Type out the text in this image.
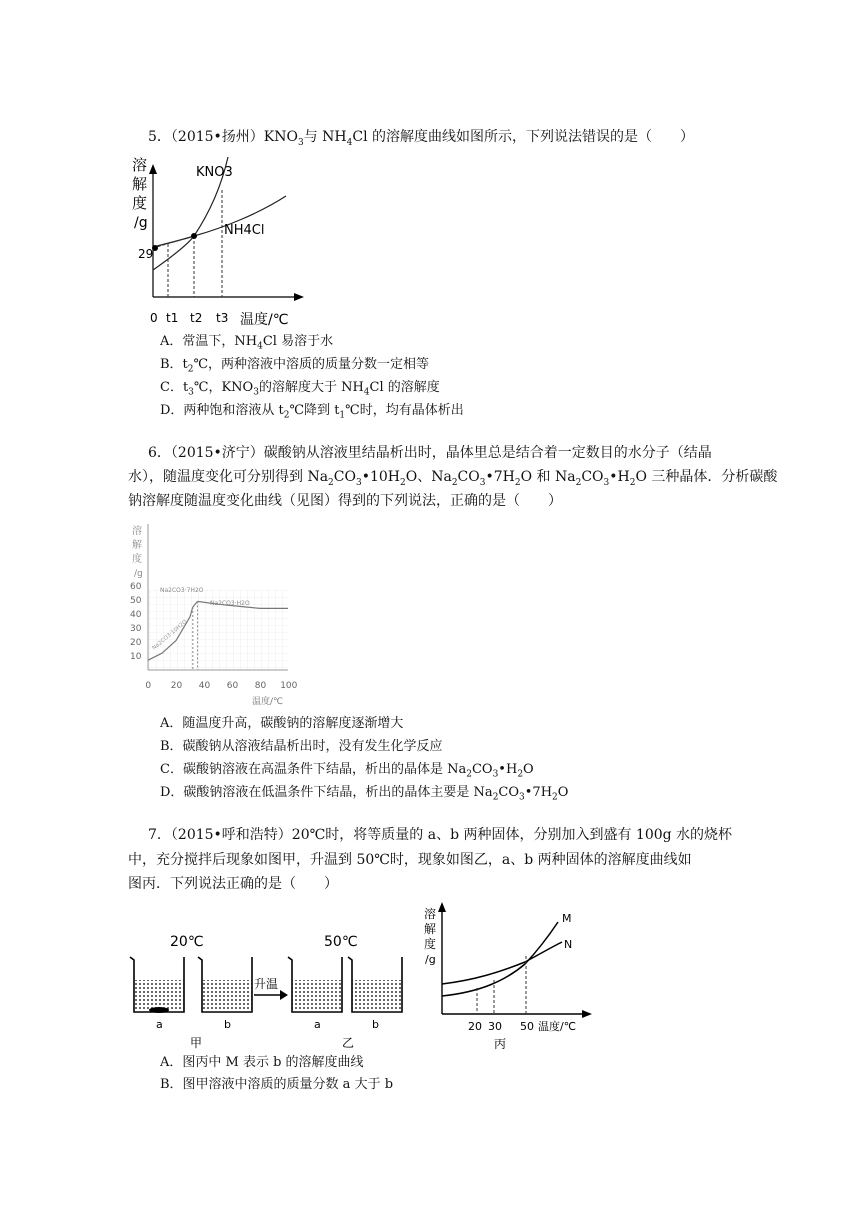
5．（2015•扬州）$KNO_3$与 $NH_4Cl$ 的溶解度曲线如图所示，下列说法错误的是（　　）
溶
解
度
/g
KNO3
NH4Cl
29
0 t1 t2 t3 温度/℃
A．常温下，$NH_4Cl$ 易溶于水
B．$t_2℃$，两种溶液中溶质的质量分数一定相等
C．$t_3℃$，$KNO_3$的溶解度大于 $NH_4Cl$ 的溶解度
D．两种饱和溶液从 $t_2℃$降到 $t_1℃$时，均有晶体析出
6．（2015•济宁）碳酸钠从溶液里结晶析出时，晶体里总是结合着一定数目的水分子（结晶
水），随温度变化可分别得到 $Na_2CO_3•10H_2O$、$Na_2CO_3•7H_2O$ 和 $Na_2CO_3•H_2O$ 三种晶体．分析碳酸
钠溶解度随温度变化曲线（见图）得到的下列说法，正确的是（　　）
溶
解
度
/g
10
20
30
40
50
60
0 20 40 60 80 100
Na2CO3·7H2O
Na2CO3·H2O
Na2CO3·10H2O
温度/℃
A．随温度升高，碳酸钠的溶解度逐渐增大
B．碳酸钠从溶液结晶析出时，没有发生化学反应
C．碳酸钠溶液在高温条件下结晶，析出的晶体是 $Na_2CO_3•H_2O$
D．碳酸钠溶液在低温条件下结晶，析出的晶体主要是 $Na_2CO_3•7H_2O$
7．（2015•呼和浩特）20℃时，将等质量的 a、b 两种固体，分别加入到盛有 100g 水的烧杯
中，充分搅拌后现象如图甲，升温到 50℃时，现象如图乙，a、b 两种固体的溶解度曲线如
图丙．下列说法正确的是（　　）
20℃	50℃
升温
a	b	a	b
甲	乙
溶
解
度
/g
M
N
20 30 50 温度/℃
丙
A．图丙中 M 表示 b 的溶解度曲线
B．图甲溶液中溶质的质量分数 a 大于 b
